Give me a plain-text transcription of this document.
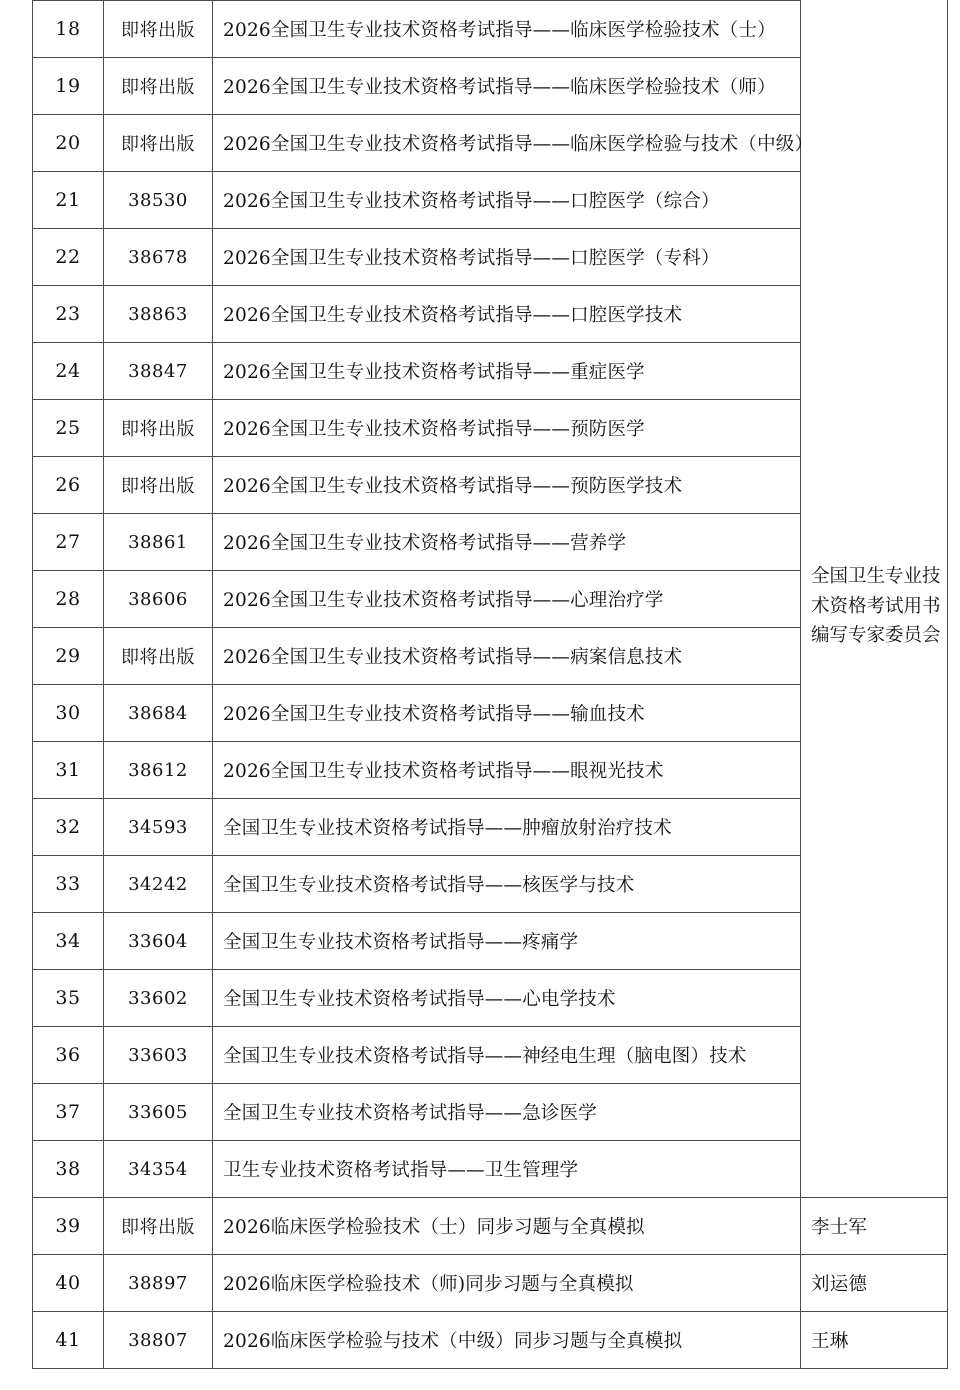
			全国卫生专业技
术资格考试用书
编写专家委员会

18	即将出版	2026全国卫生专业技术资格考试指导——临床医学检验技术（士）	
19	即将出版	2026全国卫生专业技术资格考试指导——临床医学检验技术（师）	
20	即将出版	2026全国卫生专业技术资格考试指导——临床医学检验与技术（中级）	
21	38530	2026全国卫生专业技术资格考试指导——口腔医学（综合）	
22	38678	2026全国卫生专业技术资格考试指导——口腔医学（专科）	
23	38863	2026全国卫生专业技术资格考试指导——口腔医学技术	
24	38847	2026全国卫生专业技术资格考试指导——重症医学	
25	即将出版	2026全国卫生专业技术资格考试指导——预防医学	
26	即将出版	2026全国卫生专业技术资格考试指导——预防医学技术	
27	38861	2026全国卫生专业技术资格考试指导——营养学	
28	38606	2026全国卫生专业技术资格考试指导——心理治疗学	
29	即将出版	2026全国卫生专业技术资格考试指导——病案信息技术	
30	38684	2026全国卫生专业技术资格考试指导——输血技术	
31	38612	2026全国卫生专业技术资格考试指导——眼视光技术	
32	34593	全国卫生专业技术资格考试指导——肿瘤放射治疗技术	
33	34242	全国卫生专业技术资格考试指导——核医学与技术	
34	33604	全国卫生专业技术资格考试指导——疼痛学	
35	33602	全国卫生专业技术资格考试指导——心电学技术	
36	33603	全国卫生专业技术资格考试指导——神经电生理（脑电图）技术	
37	33605	全国卫生专业技术资格考试指导——急诊医学	
38	34354	卫生专业技术资格考试指导——卫生管理学	
39	即将出版	2026临床医学检验技术（士）同步习题与全真模拟	李士军
40	38897	2026临床医学检验技术（师)同步习题与全真模拟	刘运德
41	38807	2026临床医学检验与技术（中级）同步习题与全真模拟	王琳
